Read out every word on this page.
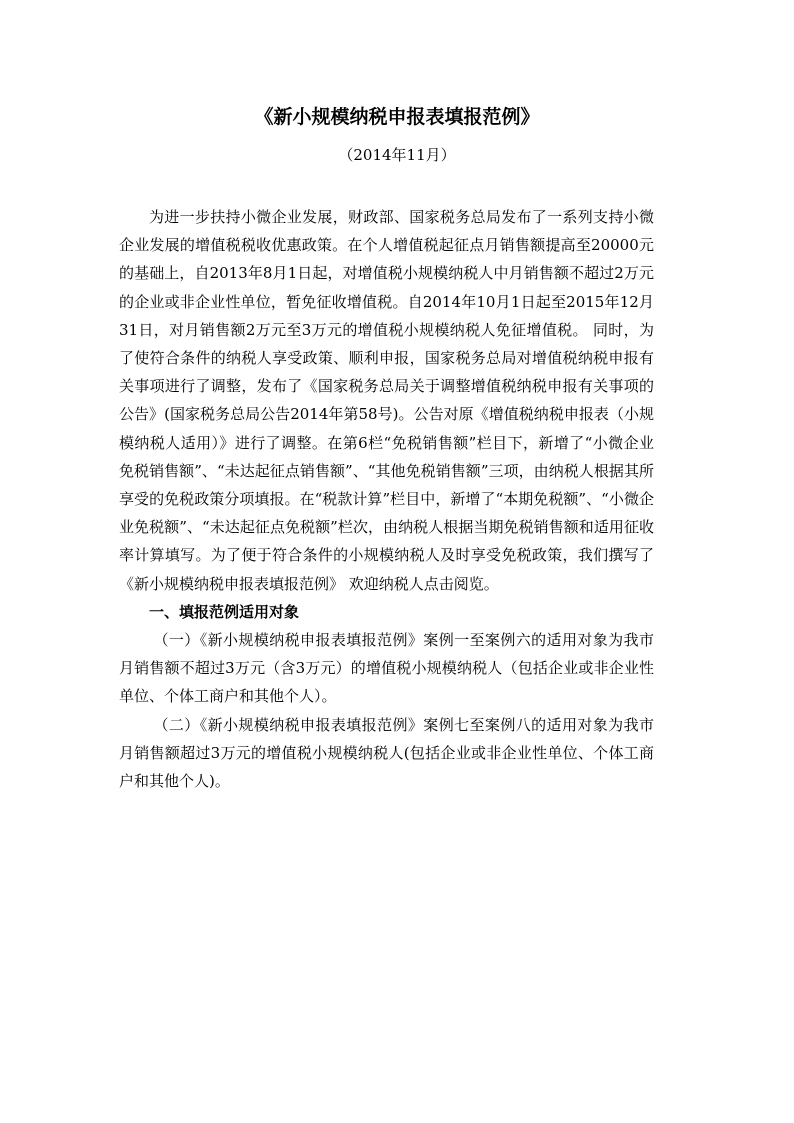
《新小规模纳税申报表填报范例》

（2014年11月）

为进一步扶持小微企业发展，财政部、国家税务总局发布了一系列支持小微企业发展的增值税税收优惠政策。在个人增值税起征点月销售额提高至20000元的基础上，自2013年8月1日起，对增值税小规模纳税人中月销售额不超过2万元的企业或非企业性单位，暂免征收增值税。自2014年10月1日起至2015年12月31日，对月销售额2万元至3万元的增值税小规模纳税人免征增值税。 同时，为了使符合条件的纳税人享受政策、顺利申报，国家税务总局对增值税纳税申报有关事项进行了调整，发布了《国家税务总局关于调整增值税纳税申报有关事项的公告》(国家税务总局公告2014年第58号)。公告对原《增值税纳税申报表（小规模纳税人适用）》进行了调整。在第6栏“免税销售额”栏目下，新增了“小微企业免税销售额”、“未达起征点销售额”、“其他免税销售额”三项，由纳税人根据其所享受的免税政策分项填报。在“税款计算”栏目中，新增了“本期免税额”、“小微企业免税额”、“未达起征点免税额”栏次，由纳税人根据当期免税销售额和适用征收率计算填写。为了便于符合条件的小规模纳税人及时享受免税政策，我们撰写了《新小规模纳税申报表填报范例》 欢迎纳税人点击阅览。

一、填报范例适用对象

（一）《新小规模纳税申报表填报范例》案例一至案例六的适用对象为我市月销售额不超过3万元（含3万元）的增值税小规模纳税人（包括企业或非企业性单位、个体工商户和其他个人）。

（二）《新小规模纳税申报表填报范例》案例七至案例八的适用对象为我市月销售额超过3万元的增值税小规模纳税人(包括企业或非企业性单位、个体工商户和其他个人)。
